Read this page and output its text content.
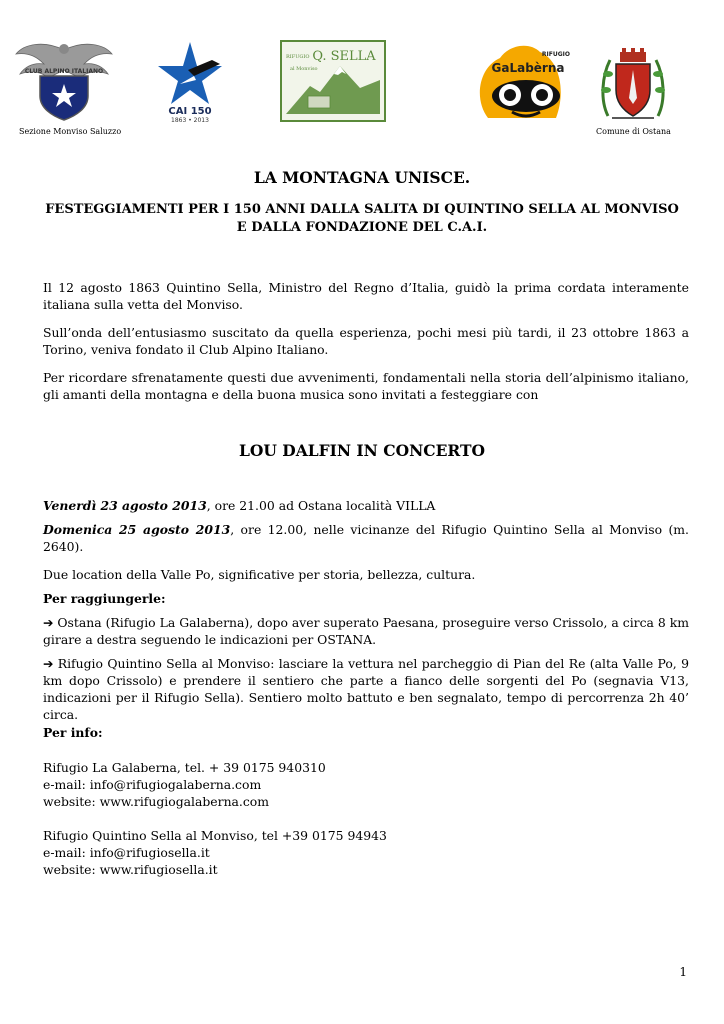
CLUB ALPINO ITALIANO
CAI 150
1863 • 2013
RIFUGIO Q. SELLA
al Monviso
RIFUGIO
GaLabèrna
Sezione Monviso Saluzzo	Comune di Ostana
LA MONTAGNA UNISCE.
FESTEGGIAMENTI PER I 150 ANNI DALLA SALITA DI QUINTINO SELLA AL MONVISO
E DALLA FONDAZIONE DEL C.A.I.

Il 12 agosto 1863 Quintino Sella, Ministro del Regno d’Italia, guidò la prima cordata interamente italiana sulla vetta del Monviso.

Sull’onda dell’entusiasmo suscitato da quella esperienza, pochi mesi più tardi, il 23 ottobre 1863 a Torino, veniva fondato il Club Alpino Italiano.

Per ricordare sfrenatamente questi due avvenimenti, fondamentali nella storia dell’alpinismo italiano, gli amanti della montagna e della buona musica sono invitati a festeggiare con

LOU DALFIN IN CONCERTO

Venerdì 23 agosto 2013, ore 21.00 ad Ostana località VILLA

Domenica 25 agosto 2013, ore 12.00, nelle vicinanze del Rifugio Quintino Sella al Monviso (m. 2640).

Due location della Valle Po, significative per storia, bellezza, cultura.

Per raggiungerle:

➔ Ostana (Rifugio La Galaberna), dopo aver superato Paesana, proseguire verso Crissolo, a circa 8 km girare a destra seguendo le indicazioni per OSTANA.

➔ Rifugio Quintino Sella al Monviso: lasciare la vettura nel parcheggio di Pian del Re (alta Valle Po, 9 km dopo Crissolo) e prendere il sentiero che parte a fianco delle sorgenti del Po (segnavia V13, indicazioni per il Rifugio Sella). Sentiero molto battuto e ben segnalato, tempo di percorrenza 2h 40’ circa.

Per info:

Rifugio La Galaberna, tel. + 39 0175 940310
e-mail: info@rifugiogalaberna.com
website: www.rifugiogalaberna.com
Rifugio Quintino Sella al Monviso, tel +39 0175 94943
e-mail: info@rifugiosella.it
website: www.rifugiosella.it
1
